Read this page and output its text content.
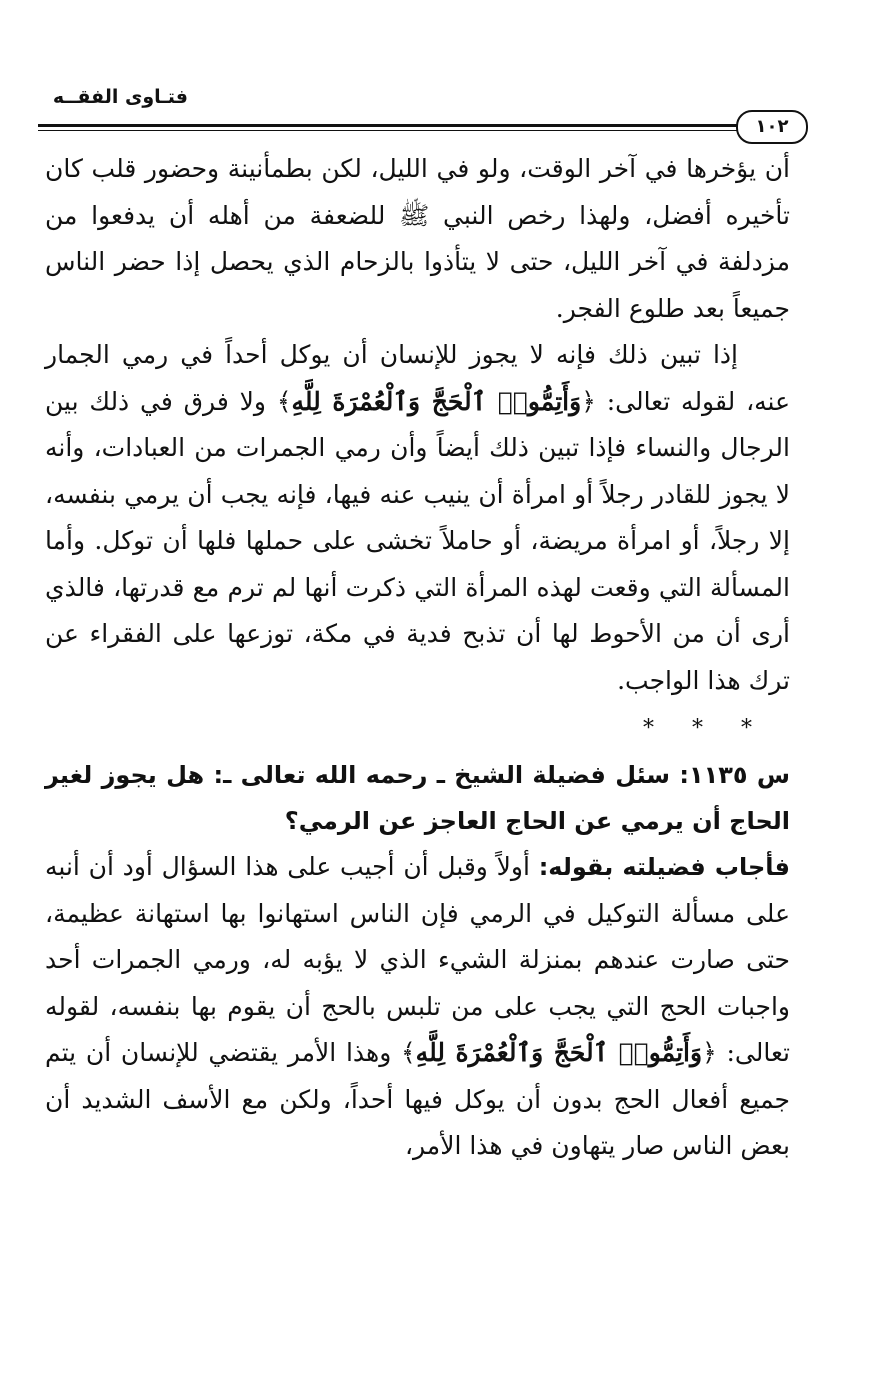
فتـاوى الفقــه
١٠٢

أن يؤخرها في آخر الوقت، ولو في الليل، لكن بطمأنينة وحضور قلب كان تأخيره أفضل، ولهذا رخص النبي ﷺ للضعفة من أهله أن يدفعوا من مزدلفة في آخر الليل، حتى لا يتأذوا بالزحام الذي يحصل إذا حضر الناس جميعاً بعد طلوع الفجر.

إذا تبين ذلك فإنه لا يجوز للإنسان أن يوكل أحداً في رمي الجمار عنه، لقوله تعالى: ﴿وَأَتِمُّوا۟ ٱلْحَجَّ وَٱلْعُمْرَةَ لِلَّهِ﴾ ولا فرق في ذلك بين الرجال والنساء فإذا تبين ذلك أيضاً وأن رمي الجمرات من العبادات، وأنه لا يجوز للقادر رجلاً أو امرأة أن ينيب عنه فيها، فإنه يجب أن يرمي بنفسه، إلا رجلاً، أو امرأة مريضة، أو حاملاً تخشى على حملها فلها أن توكل. وأما المسألة التي وقعت لهذه المرأة التي ذكرت أنها لم ترم مع قدرتها، فالذي أرى أن من الأحوط لها أن تذبح فدية في مكة، توزعها على الفقراء عن ترك هذا الواجب.

***

س ١١٣٥: سئل فضيلة الشيخ ـ رحمه الله تعالى ـ: هل يجوز لغير الحاج أن يرمي عن الحاج العاجز عن الرمي؟

فأجاب فضيلته بقوله: أولاً وقبل أن أجيب على هذا السؤال أود أن أنبه على مسألة التوكيل في الرمي فإن الناس استهانوا بها استهانة عظيمة، حتى صارت عندهم بمنزلة الشيء الذي لا يؤبه له، ورمي الجمرات أحد واجبات الحج التي يجب على من تلبس بالحج أن يقوم بها بنفسه، لقوله تعالى: ﴿وَأَتِمُّوا۟ ٱلْحَجَّ وَٱلْعُمْرَةَ لِلَّهِ﴾ وهذا الأمر يقتضي للإنسان أن يتم جميع أفعال الحج بدون أن يوكل فيها أحداً، ولكن مع الأسف الشديد أن بعض الناس صار يتهاون في هذا الأمر،
